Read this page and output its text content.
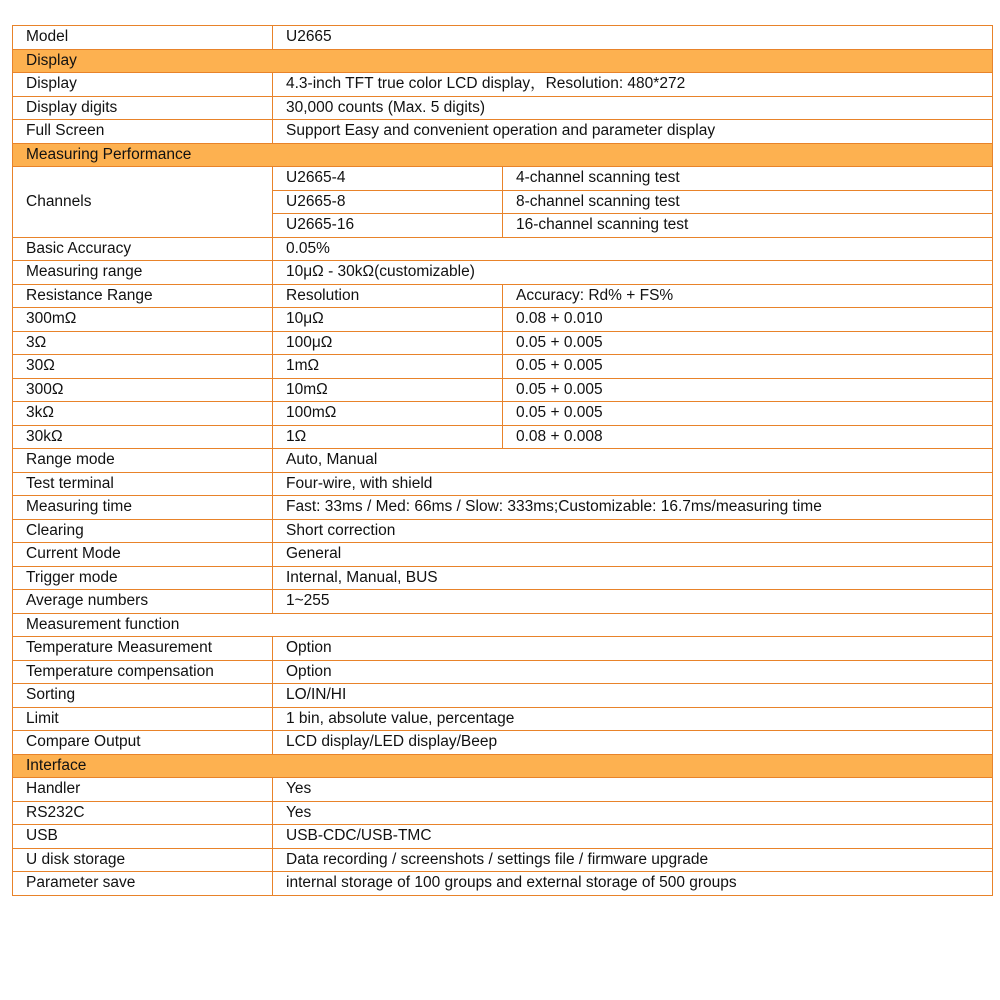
Model	U2665	
Display		
Display	4.3-inch TFT true color LCD display，Resolution: 480*272	
Display digits	30,000 counts (Max. 5 digits)	
Full Screen	Support Easy and convenient operation and parameter display	
Measuring Performance		
Channels	U2665-4	4-channel scanning test
	U2665-8	8-channel scanning test
	U2665-16	16-channel scanning test
Basic Accuracy	0.05%	
Measuring range	10μΩ - 30kΩ(customizable)	
Resistance Range	Resolution	Accuracy: Rd% + FS%
300mΩ	10μΩ	0.08 + 0.010
3Ω	100μΩ	0.05 + 0.005
30Ω	1mΩ	0.05 + 0.005
300Ω	10mΩ	0.05 + 0.005
3kΩ	100mΩ	0.05 + 0.005
30kΩ	1Ω	0.08 + 0.008
Range mode	Auto, Manual	
Test terminal	Four-wire, with shield	
Measuring time	Fast: 33ms / Med: 66ms / Slow: 333ms;Customizable: 16.7ms/measuring time	
Clearing	Short correction	
Current Mode	General	
Trigger mode	Internal, Manual, BUS	
Average numbers	1~255	
Measurement function		
Temperature Measurement	Option	
Temperature compensation	Option	
Sorting	LO/IN/HI	
Limit	1 bin, absolute value, percentage	
Compare Output	LCD display/LED display/Beep	
Interface		
Handler	Yes	
RS232C	Yes	
USB	USB-CDC/USB-TMC	
U disk storage	Data recording / screenshots / settings file / firmware upgrade	
Parameter save	internal storage of 100 groups and external storage of 500 groups	
